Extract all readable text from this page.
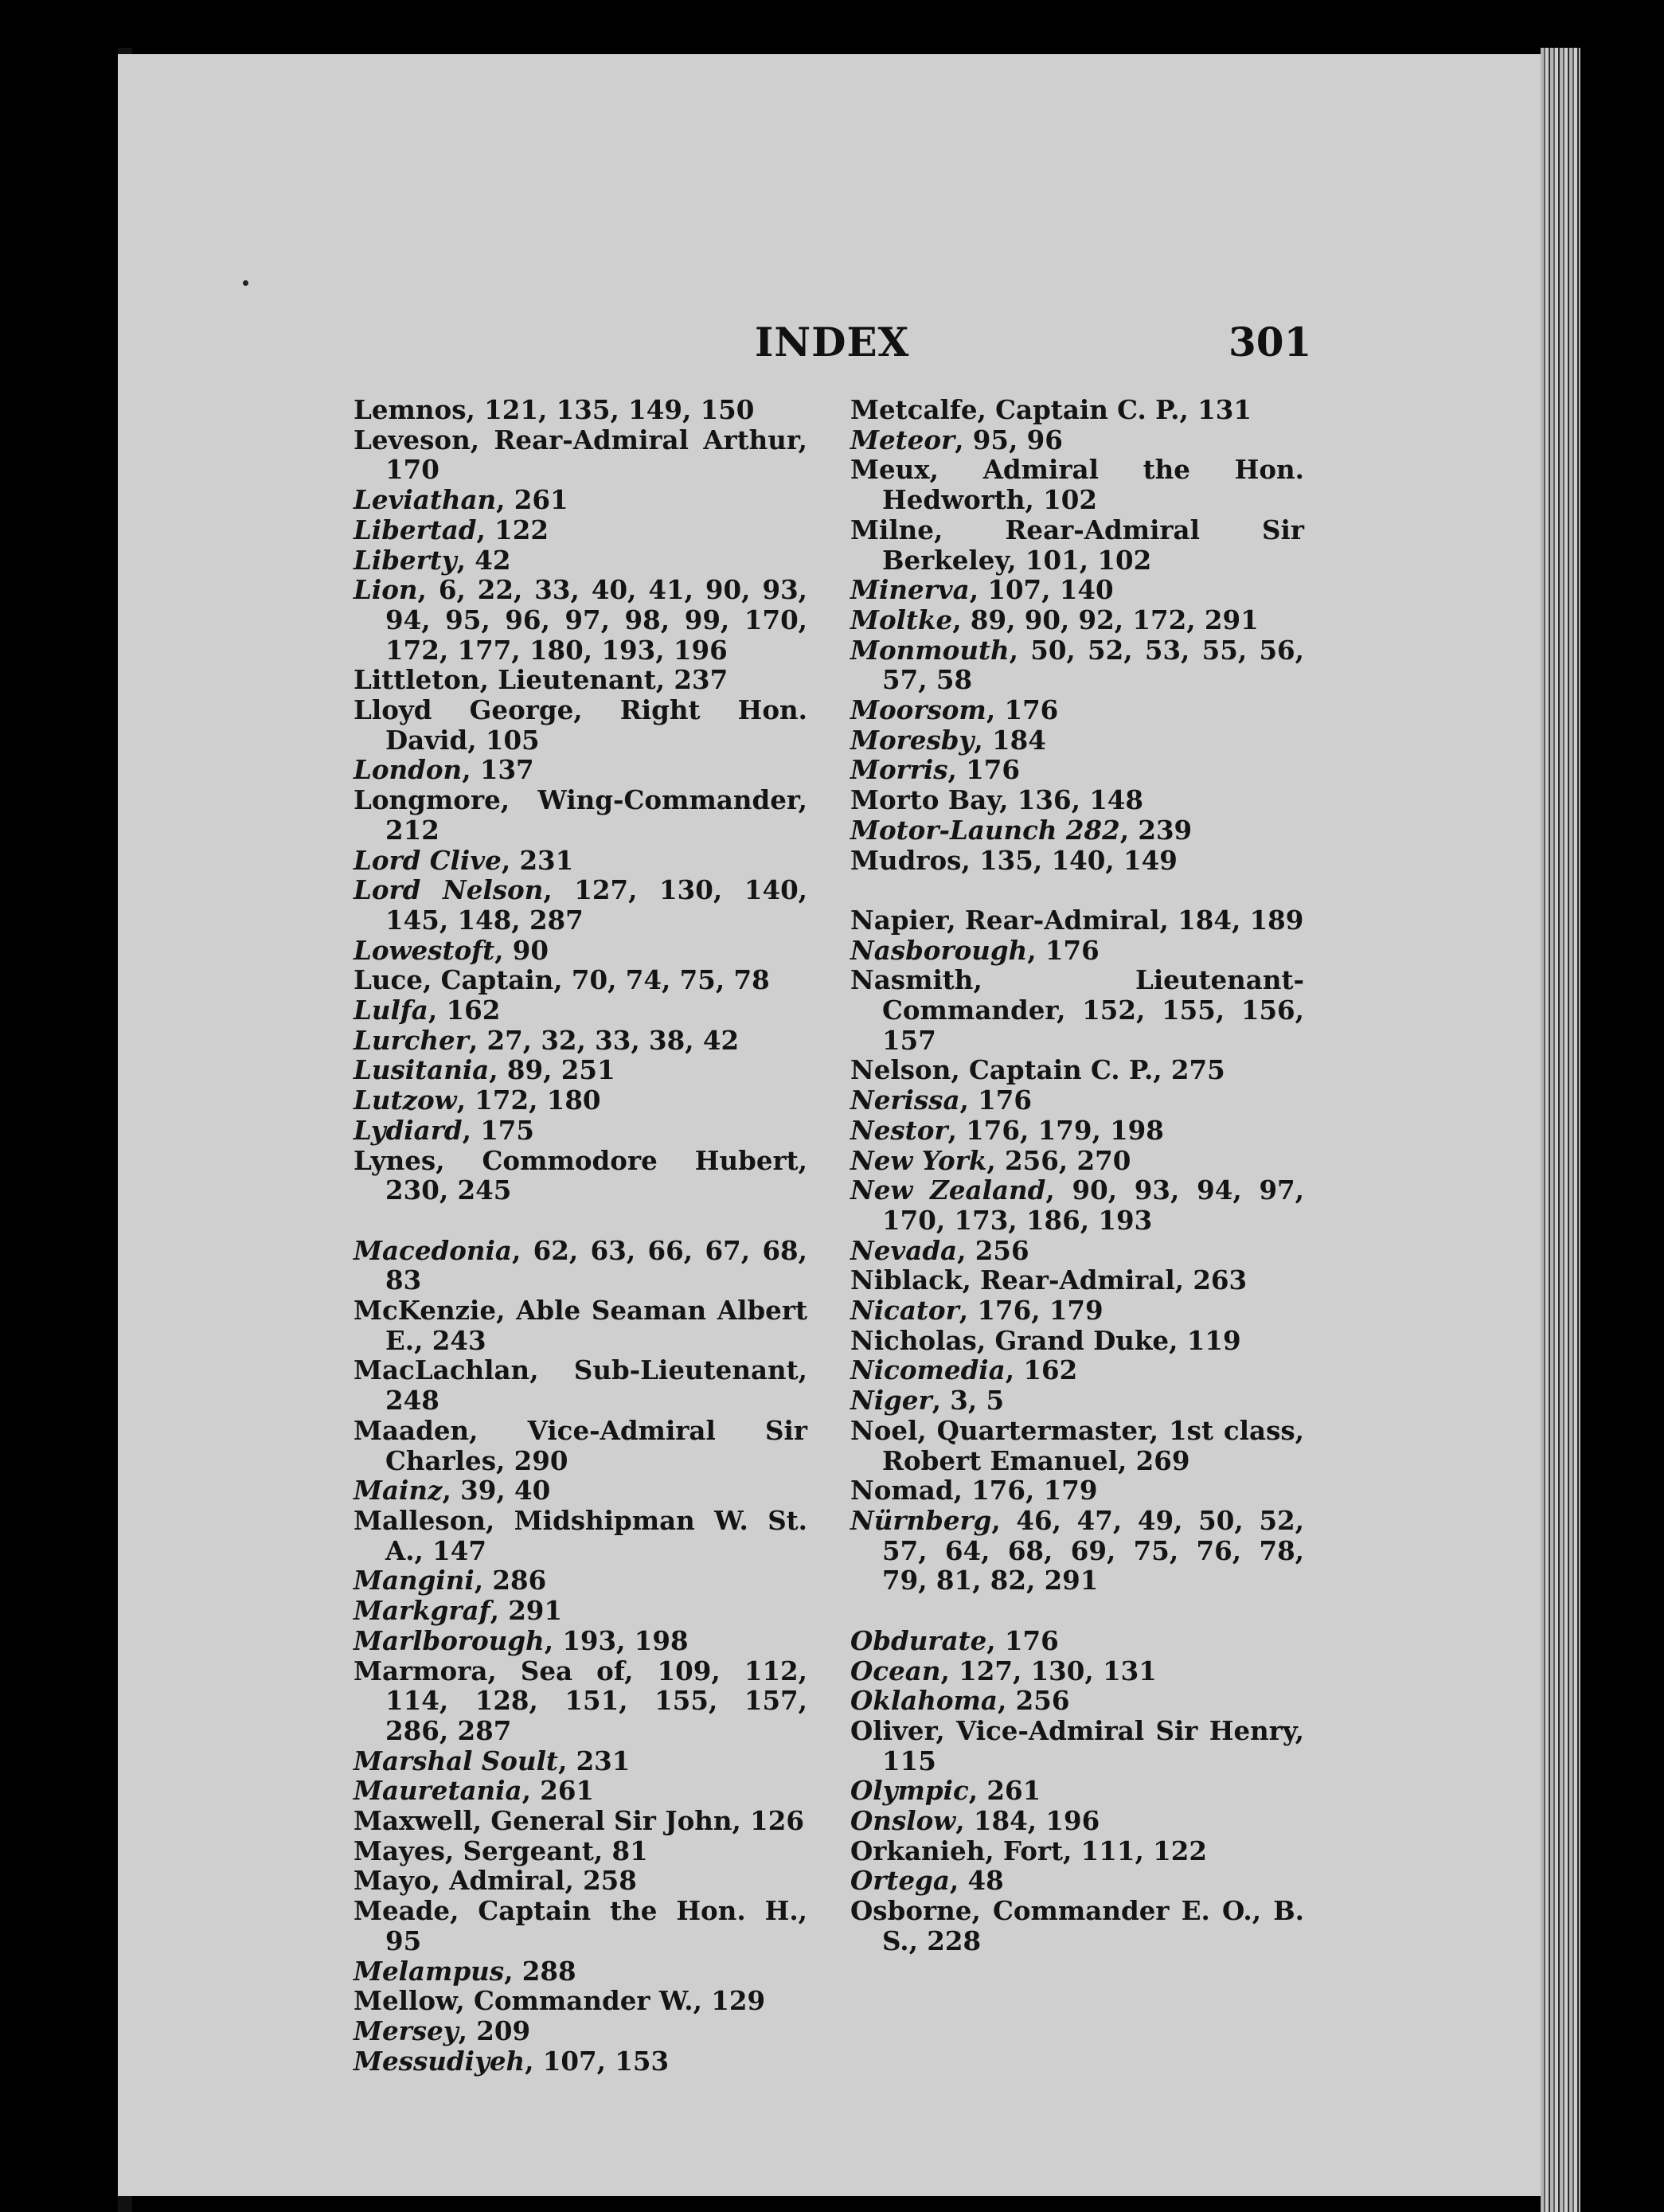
INDEX	301
Lemnos, 121, 135, 149, 150
Leveson, Rear-Admiral Arthur, 170
Leviathan, 261
Libertad, 122
Liberty, 42
Lion, 6, 22, 33, 40, 41, 90, 93, 94, 95, 96, 97, 98, 99, 170, 172, 177, 180, 193, 196
Littleton, Lieutenant, 237
Lloyd George, Right Hon. David, 105
London, 137
Longmore, Wing-Commander, 212
Lord Clive, 231
Lord Nelson, 127, 130, 140, 145, 148, 287
Lowestoft, 90
Luce, Captain, 70, 74, 75, 78
Lulfa, 162
Lurcher, 27, 32, 33, 38, 42
Lusitania, 89, 251
Lutzow, 172, 180
Lydiard, 175
Lynes, Commodore Hubert, 230, 245
Macedonia, 62, 63, 66, 67, 68, 83
McKenzie, Able Seaman Albert E., 243
MacLachlan, Sub-Lieutenant, 248
Maaden, Vice-Admiral Sir Charles, 290
Mainz, 39, 40
Malleson, Midshipman W. St. A., 147
Mangini, 286
Markgraf, 291
Marlborough, 193, 198
Marmora, Sea of, 109, 112, 114, 128, 151, 155, 157, 286, 287
Marshal Soult, 231
Mauretania, 261
Maxwell, General Sir John, 126
Mayes, Sergeant, 81
Mayo, Admiral, 258
Meade, Captain the Hon. H., 95
Melampus, 288
Mellow, Commander W., 129
Mersey, 209
Messudiyeh, 107, 153
Metcalfe, Captain C. P., 131
Meteor, 95, 96
Meux, Admiral the Hon. Hedworth, 102
Milne, Rear-Admiral Sir Berkeley, 101, 102
Minerva, 107, 140
Moltke, 89, 90, 92, 172, 291
Monmouth, 50, 52, 53, 55, 56, 57, 58
Moorsom, 176
Moresby, 184
Morris, 176
Morto Bay, 136, 148
Motor-Launch 282, 239
Mudros, 135, 140, 149
Napier, Rear-Admiral, 184, 189
Nasborough, 176
Nasmith, Lieutenant-Commander, 152, 155, 156, 157
Nelson, Captain C. P., 275
Nerissa, 176
Nestor, 176, 179, 198
New York, 256, 270
New Zealand, 90, 93, 94, 97, 170, 173, 186, 193
Nevada, 256
Niblack, Rear-Admiral, 263
Nicator, 176, 179
Nicholas, Grand Duke, 119
Nicomedia, 162
Niger, 3, 5
Noel, Quartermaster, 1st class, Robert Emanuel, 269
Nomad, 176, 179
Nürnberg, 46, 47, 49, 50, 52, 57, 64, 68, 69, 75, 76, 78, 79, 81, 82, 291
Obdurate, 176
Ocean, 127, 130, 131
Oklahoma, 256
Oliver, Vice-Admiral Sir Henry, 115
Olympic, 261
Onslow, 184, 196
Orkanieh, Fort, 111, 122
Ortega, 48
Osborne, Commander E. O., B. S., 228
